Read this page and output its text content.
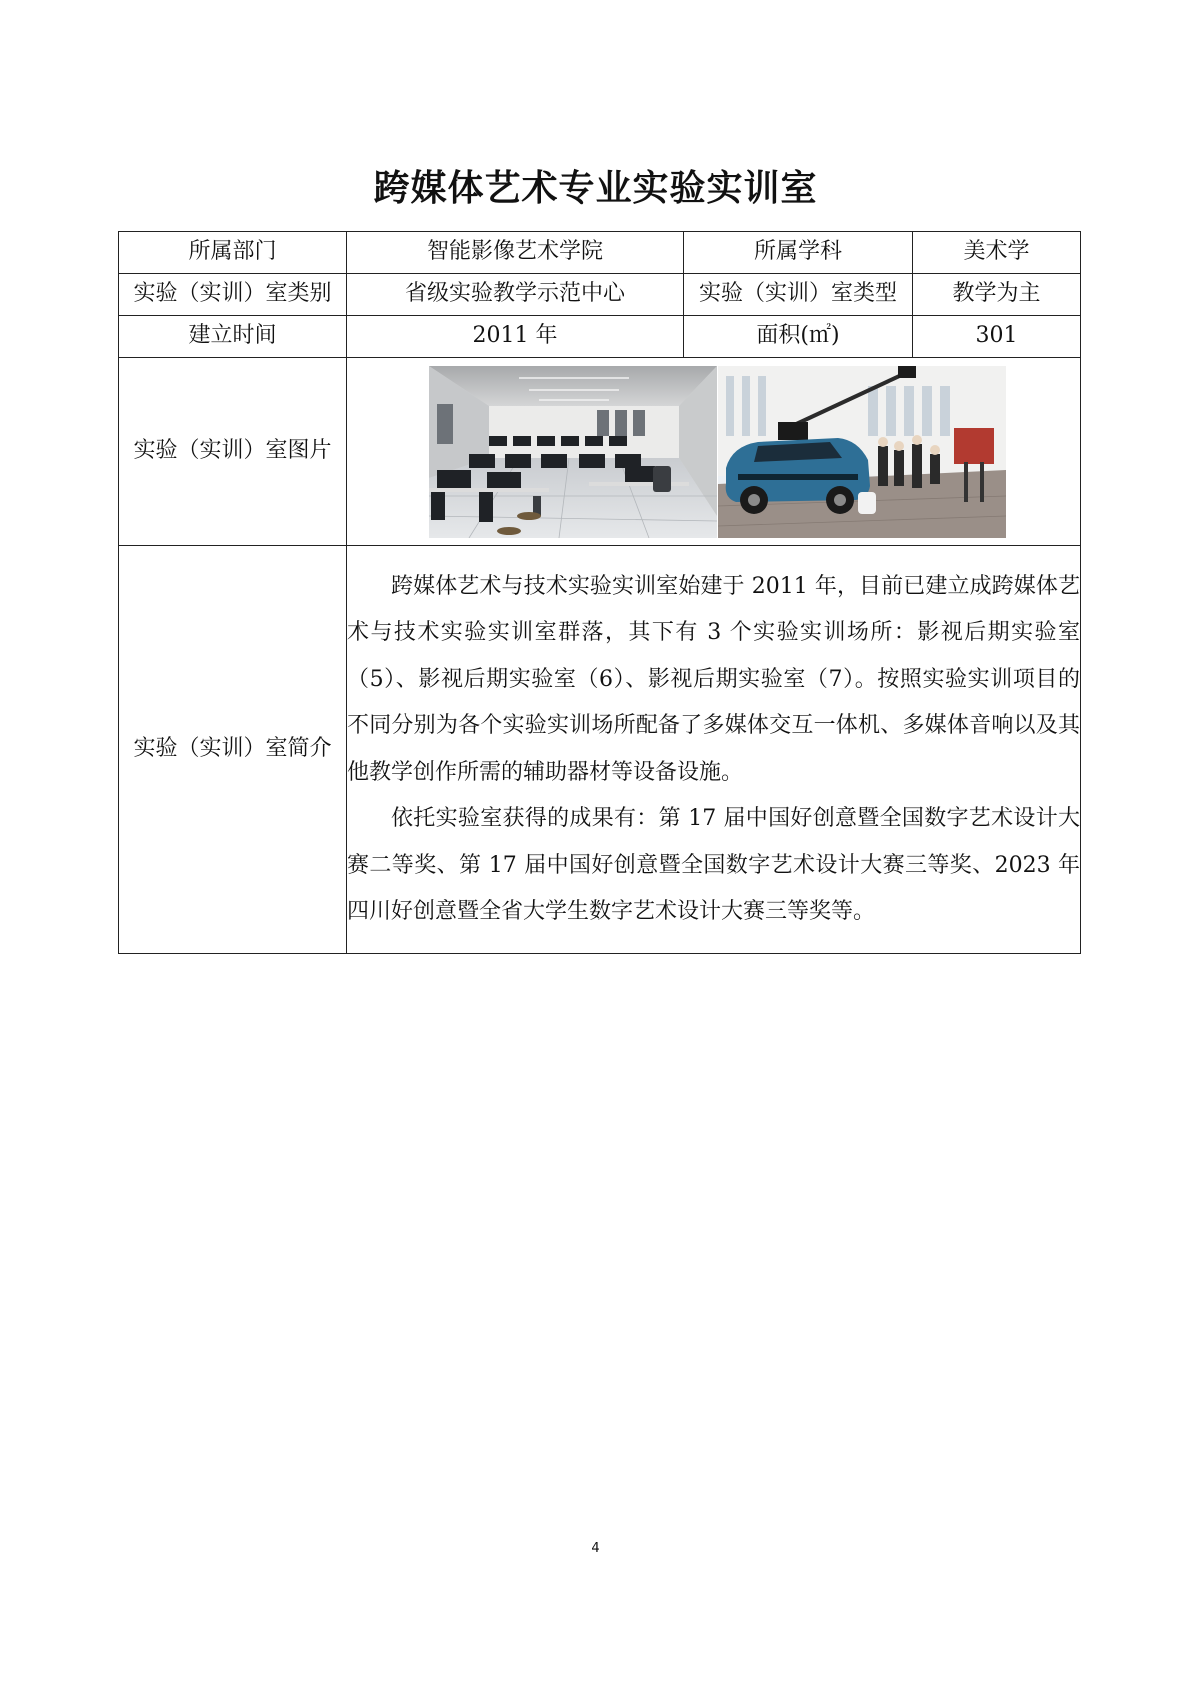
跨媒体艺术专业实验实训室
所属部门	智能影像艺术学院	所属学科	美术学
实验（实训）室类别	省级实验教学示范中心	实验（实训）室类型	教学为主
建立时间	2011 年	面积(㎡)	301
实验（实训）室图片	

实验（实训）室简介	跨媒体艺术与技术实验实训室始建于 2011 年，目前已建立成跨媒体艺术与技术实验实训室群落，其下有 3 个实验实训场所：影视后期实验室（5）、影视后期实验室（6）、影视后期实验室（7）。按照实验实训项目的不同分别为各个实验实训场所配备了多媒体交互一体机、多媒体音响以及其他教学创作所需的辅助器材等设备设施。

依托实验室获得的成果有：第 17 届中国好创意暨全国数字艺术设计大赛二等奖、第 17 届中国好创意暨全国数字艺术设计大赛三等奖、2023 年四川好创意暨全省大学生数字艺术设计大赛三等奖等。		

4
